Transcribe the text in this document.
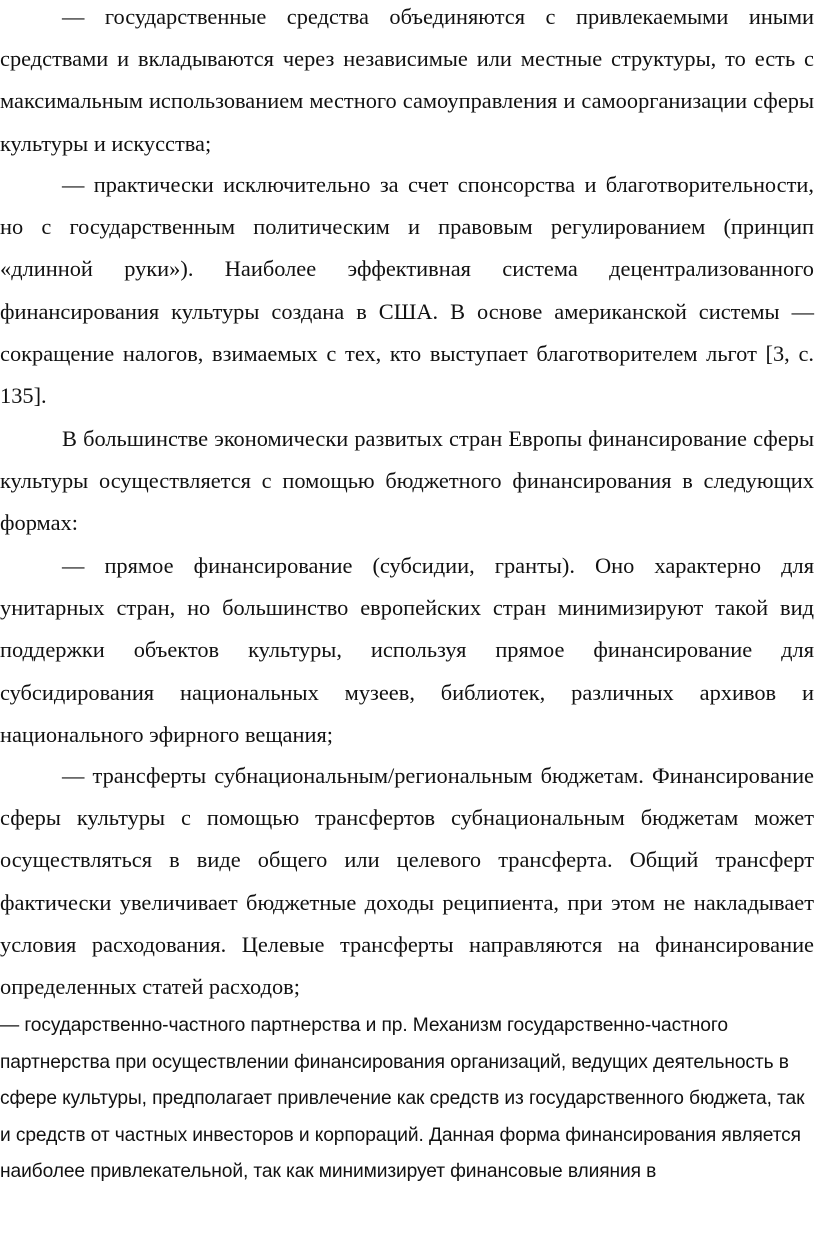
— государственные средства объединяются с привлекаемыми иными средствами и вкладываются через независимые или местные структуры, то есть с максимальным использованием местного самоуправления и самоорганизации сферы культуры и искусства;

— практически исключительно за счет спонсорства и благотворительности, но с государственным политическим и правовым регулированием (принцип «длинной руки»). Наиболее эффективная система децентрализованного финансирования культуры создана в США. В основе американской системы — сокращение налогов, взимаемых с тех, кто выступает благотворителем льгот [3, с. 135].

В большинстве экономически развитых стран Европы финансирование сферы культуры осуществляется с помощью бюджетного финансирования в следующих формах:

— прямое финансирование (субсидии, гранты). Оно характерно для унитарных стран, но большинство европейских стран минимизируют такой вид поддержки объектов культуры, используя прямое финансирование для субсидирования национальных музеев, библиотек, различных архивов и национального эфирного вещания;

— трансферты субнациональным/региональным бюджетам. Финансирование сферы культуры с помощью трансфертов субнациональным бюджетам может осуществляться в виде общего или целевого трансферта. Общий трансферт фактически увеличивает бюджетные доходы реципиента, при этом не накладывает условия расходования. Целевые трансферты направляются на финансирование определенных статей расходов;

— государственно-частного партнерства и пр. Механизм государственно-частного партнерства при осуществлении финансирования организаций, ведущих деятельность в сфере культуры, предполагает привлечение как средств из государственного бюджета, так и средств от частных инвесторов и корпораций. Данная форма финансирования является наиболее привлекательной, так как минимизирует финансовые влияния в
